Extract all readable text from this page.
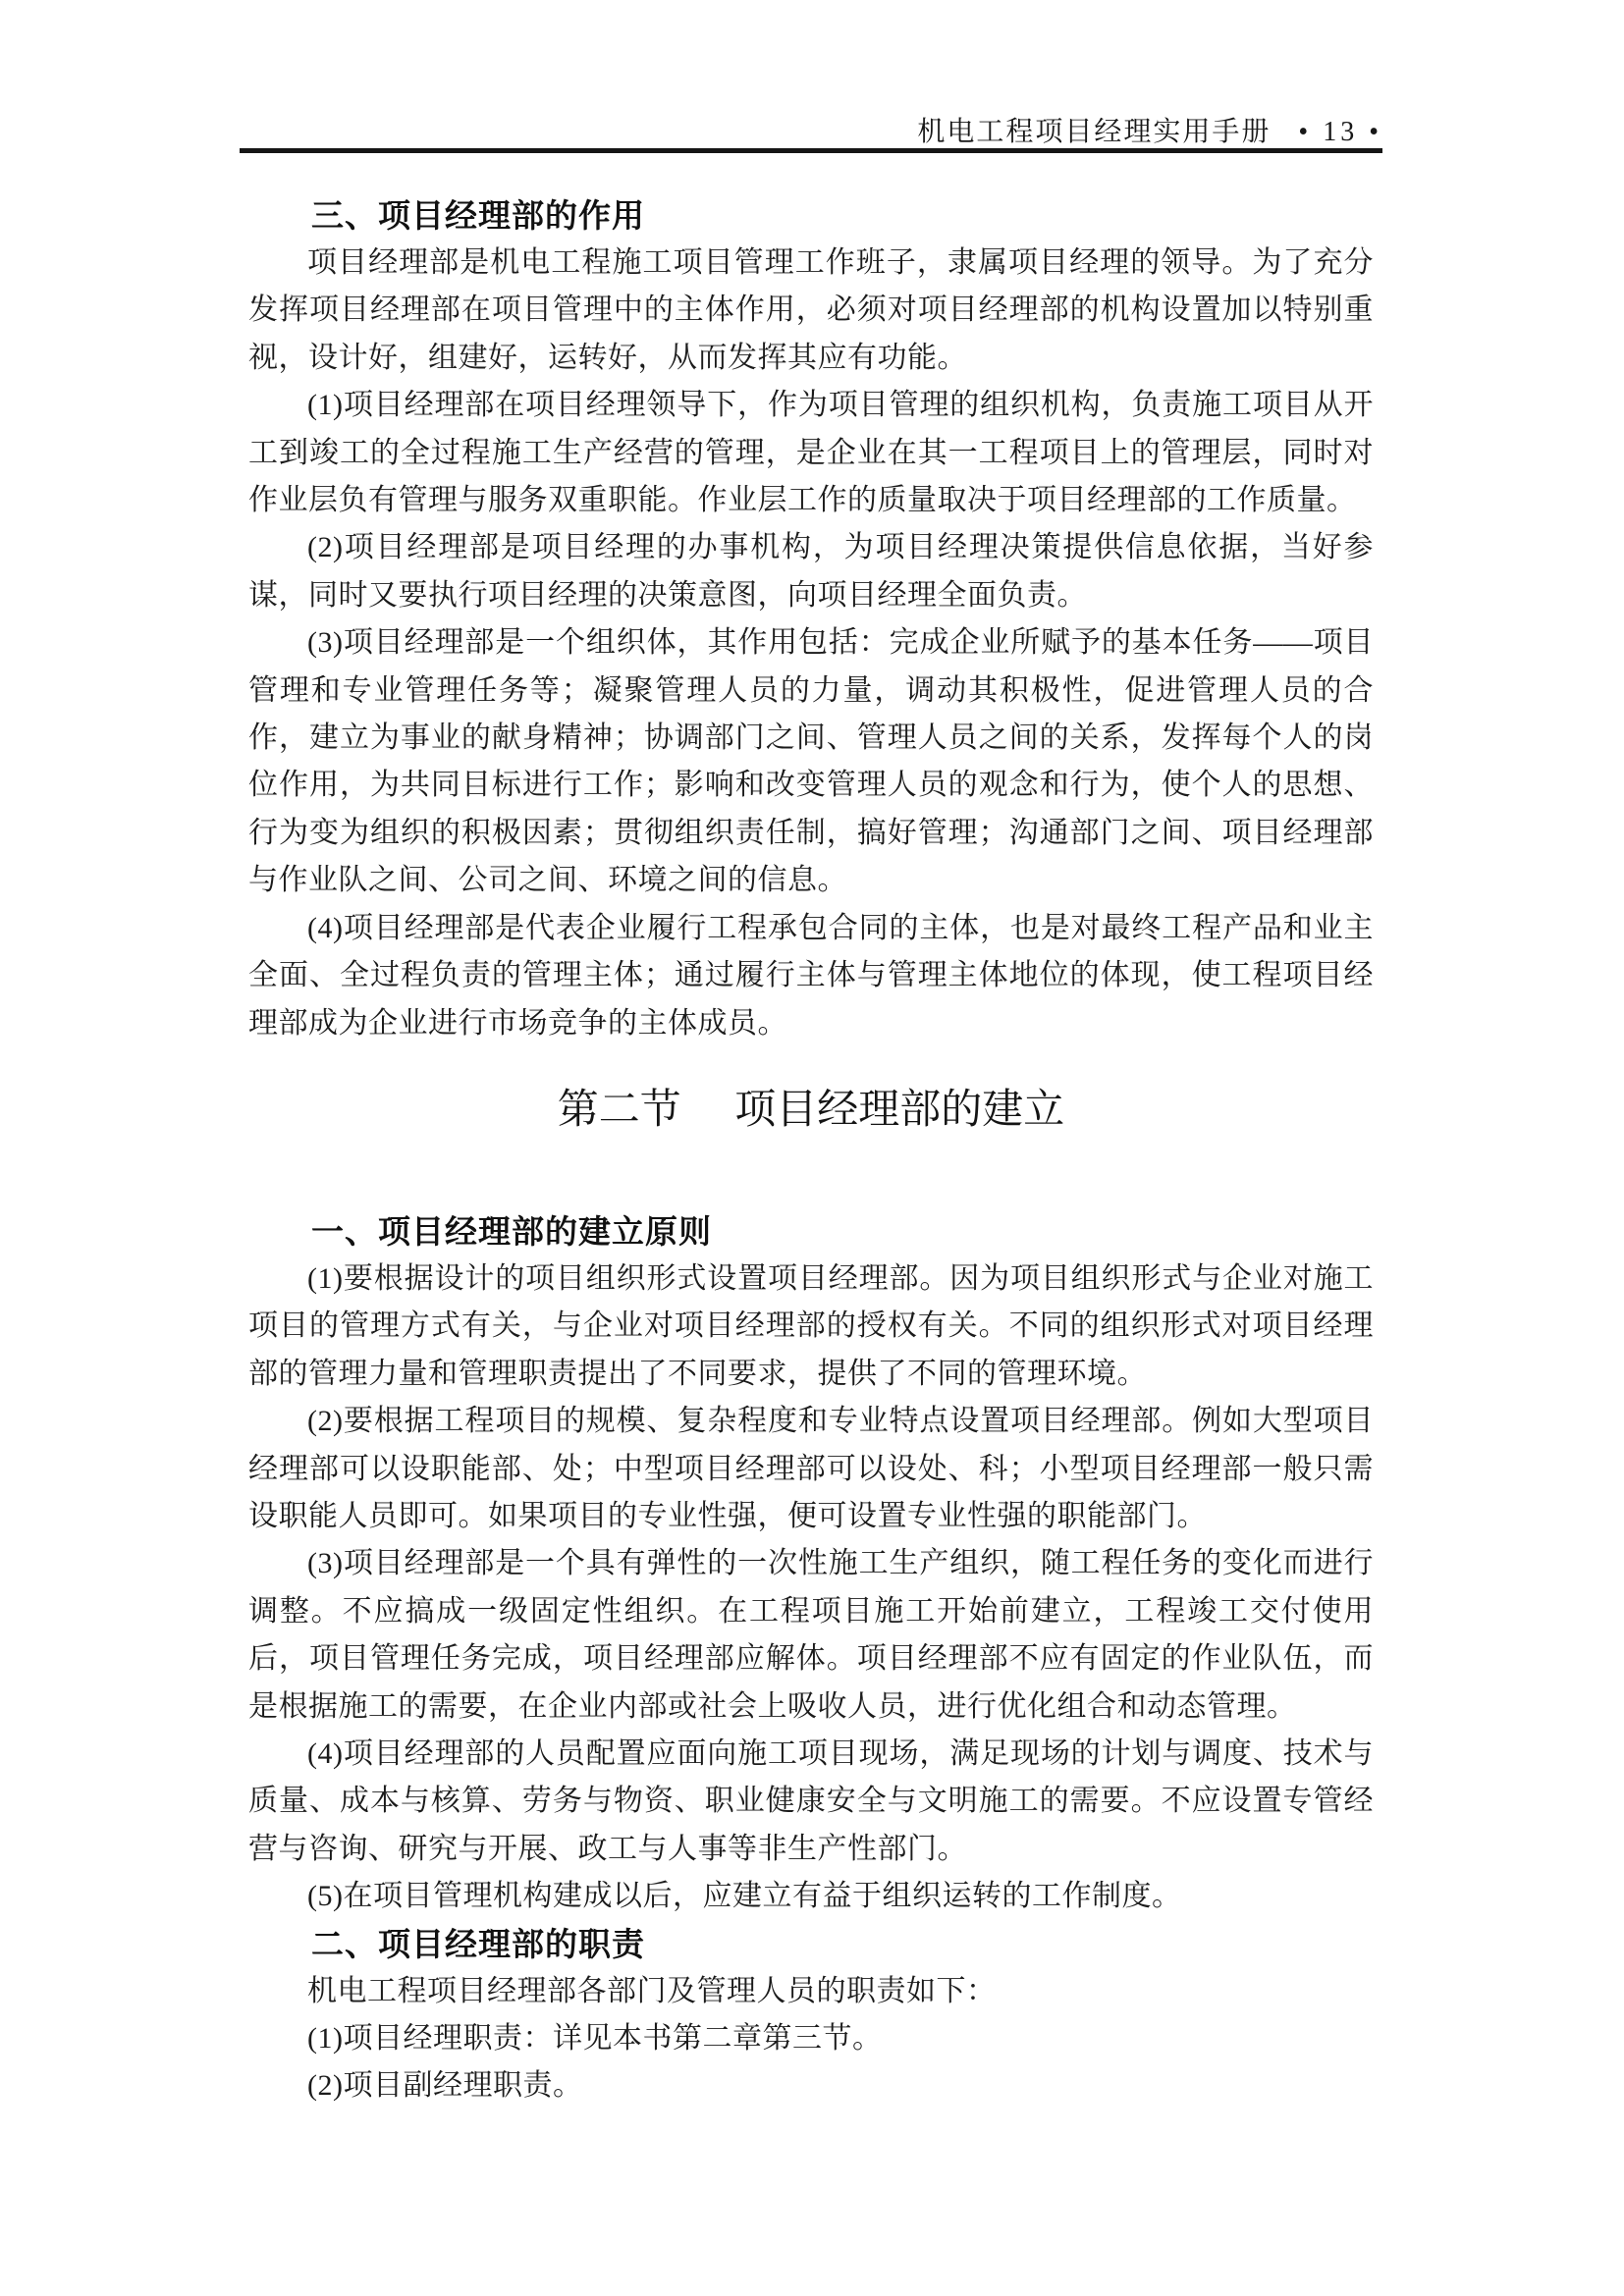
机电工程项目经理实用手册 • 13 •
三、项目经理部的作用

项目经理部是机电工程施工项目管理工作班子，隶属项目经理的领导。为了充分发挥项目经理部在项目管理中的主体作用，必须对项目经理部的机构设置加以特别重视，设计好，组建好，运转好，从而发挥其应有功能。

(1)项目经理部在项目经理领导下，作为项目管理的组织机构，负责施工项目从开工到竣工的全过程施工生产经营的管理，是企业在其一工程项目上的管理层，同时对作业层负有管理与服务双重职能。作业层工作的质量取决于项目经理部的工作质量。

(2)项目经理部是项目经理的办事机构，为项目经理决策提供信息依据，当好参谋，同时又要执行项目经理的决策意图，向项目经理全面负责。

(3)项目经理部是一个组织体，其作用包括：完成企业所赋予的基本任务——项目管理和专业管理任务等；凝聚管理人员的力量，调动其积极性，促进管理人员的合作，建立为事业的献身精神；协调部门之间、管理人员之间的关系，发挥每个人的岗位作用，为共同目标进行工作；影响和改变管理人员的观念和行为，使个人的思想、行为变为组织的积极因素；贯彻组织责任制，搞好管理；沟通部门之间、项目经理部与作业队之间、公司之间、环境之间的信息。

(4)项目经理部是代表企业履行工程承包合同的主体，也是对最终工程产品和业主全面、全过程负责的管理主体；通过履行主体与管理主体地位的体现，使工程项目经理部成为企业进行市场竞争的主体成员。

第二节 项目经理部的建立
一、项目经理部的建立原则

(1)要根据设计的项目组织形式设置项目经理部。因为项目组织形式与企业对施工项目的管理方式有关，与企业对项目经理部的授权有关。不同的组织形式对项目经理部的管理力量和管理职责提出了不同要求，提供了不同的管理环境。

(2)要根据工程项目的规模、复杂程度和专业特点设置项目经理部。例如大型项目经理部可以设职能部、处；中型项目经理部可以设处、科；小型项目经理部一般只需设职能人员即可。如果项目的专业性强，便可设置专业性强的职能部门。

(3)项目经理部是一个具有弹性的一次性施工生产组织，随工程任务的变化而进行调整。不应搞成一级固定性组织。在工程项目施工开始前建立，工程竣工交付使用后，项目管理任务完成，项目经理部应解体。项目经理部不应有固定的作业队伍，而是根据施工的需要，在企业内部或社会上吸收人员，进行优化组合和动态管理。

(4)项目经理部的人员配置应面向施工项目现场，满足现场的计划与调度、技术与质量、成本与核算、劳务与物资、职业健康安全与文明施工的需要。不应设置专管经营与咨询、研究与开展、政工与人事等非生产性部门。

(5)在项目管理机构建成以后，应建立有益于组织运转的工作制度。

二、项目经理部的职责

机电工程项目经理部各部门及管理人员的职责如下：

(1)项目经理职责：详见本书第二章第三节。

(2)项目副经理职责。
